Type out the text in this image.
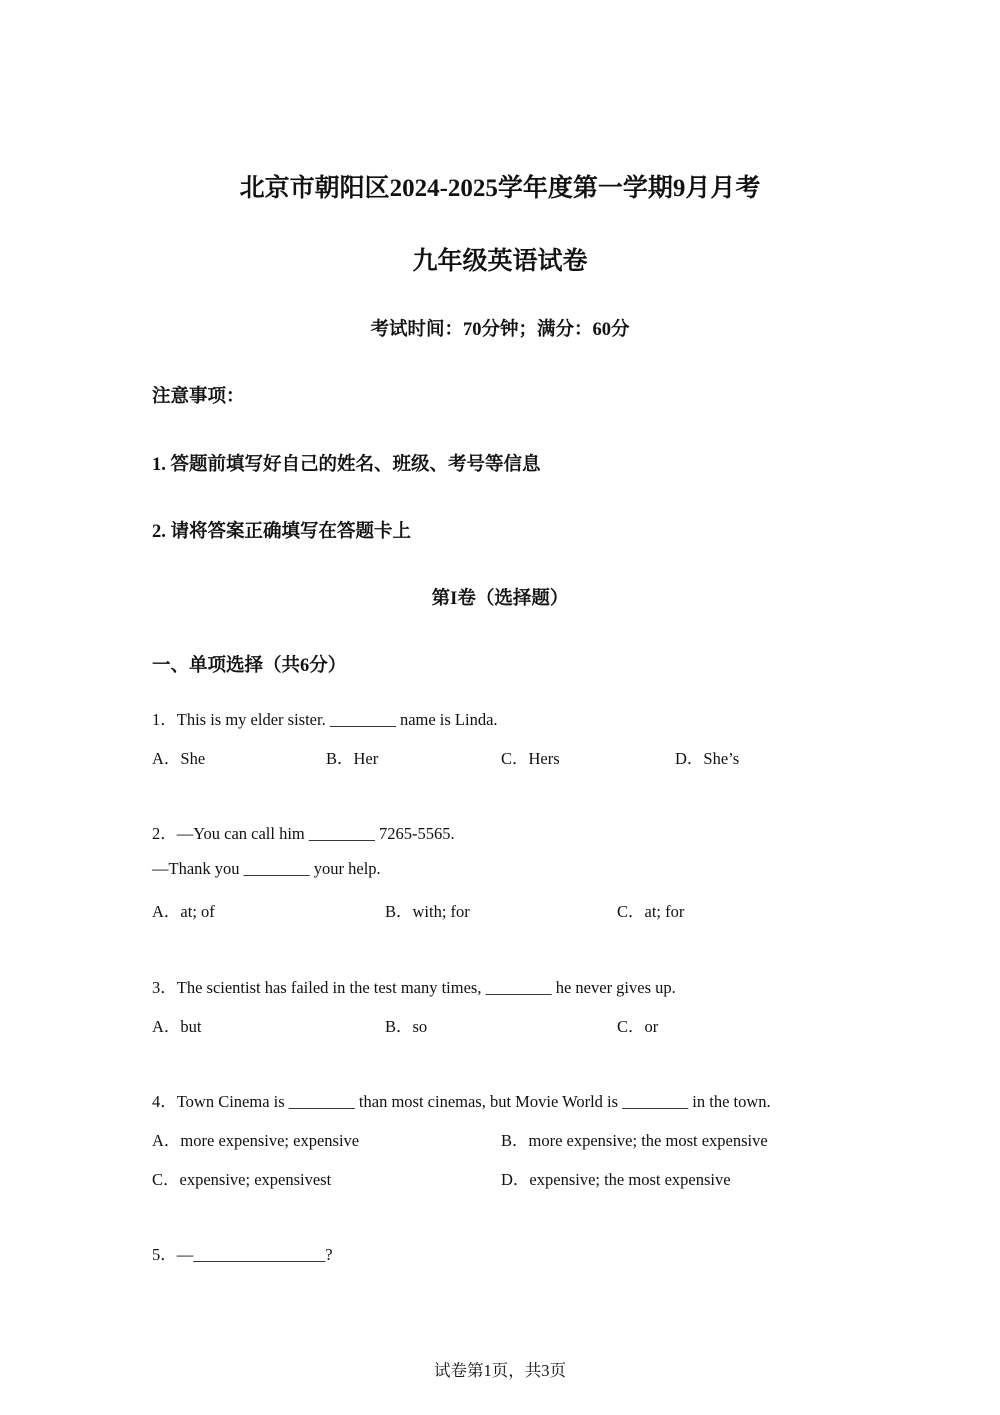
北京市朝阳区2024-2025学年度第一学期9月月考
九年级英语试卷
考试时间：70分钟；满分：60分
注意事项：
1. 答题前填写好自己的姓名、班级、考号等信息
2. 请将答案正确填写在答题卡上
第I卷（选择题）
一、单项选择（共6分）
1．This is my elder sister. ________ name is Linda.
A．She	B．Her	C．Hers	D．She’s
2．—You can call him ________ 7265-5565.
—Thank you ________ your help.
A．at; of	B．with; for	C．at; for
3．The scientist has failed in the test many times, ________ he never gives up.
A．but	B．so	C．or
4．Town Cinema is ________ than most cinemas, but Movie World is ________ in the town.
A．more expensive; expensive	B．more expensive; the most expensive
C．expensive; expensivest	D．expensive; the most expensive
5．—________________?
试卷第1页，共3页
